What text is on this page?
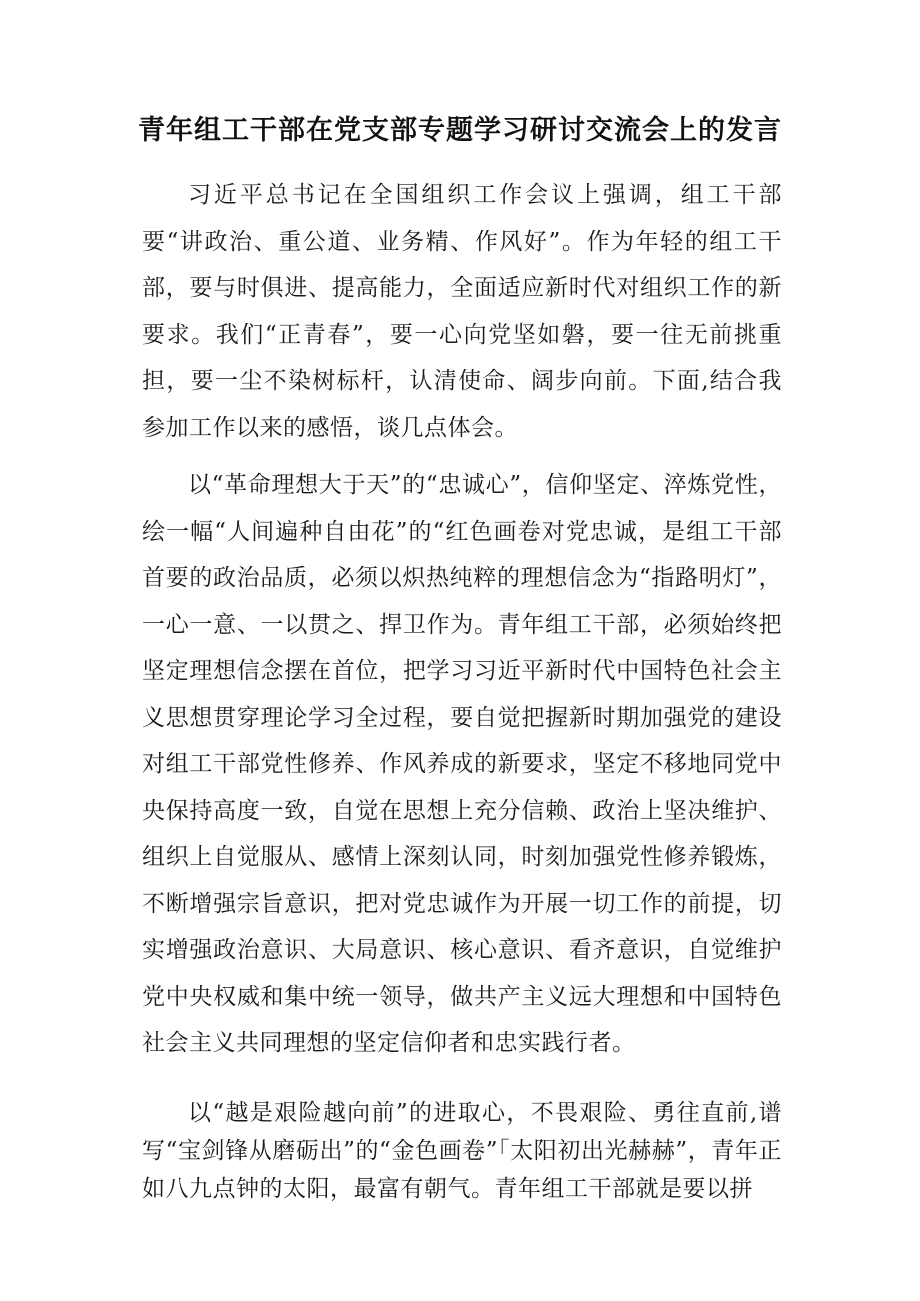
青年组工干部在党支部专题学习研讨交流会上的发言

习近平总书记在全国组织工作会议上强调，组工干部要“讲政治、重公道、业务精、作风好”。作为年轻的组工干部，要与时俱进、提高能力，全面适应新时代对组织工作的新要求。我们“正青春”，要一心向党坚如磐，要一往无前挑重担，要一尘不染树标杆，认清使命、阔步向前。下面,结合我参加工作以来的感悟，谈几点体会。

以“革命理想大于天”的“忠诚心”，信仰坚定、淬炼党性，绘一幅“人间遍种自由花”的“红色画卷对党忠诚，是组工干部首要的政治品质，必须以炽热纯粹的理想信念为“指路明灯”，一心一意、一以贯之、捍卫作为。青年组工干部，必须始终把坚定理想信念摆在首位，把学习习近平新时代中国特色社会主义思想贯穿理论学习全过程，要自觉把握新时期加强党的建设对组工干部党性修养、作风养成的新要求，坚定不移地同党中央保持高度一致，自觉在思想上充分信赖、政治上坚决维护、组织上自觉服从、感情上深刻认同，时刻加强党性修养锻炼，不断增强宗旨意识，把对党忠诚作为开展一切工作的前提，切实增强政治意识、大局意识、核心意识、看齐意识，自觉维护党中央权威和集中统一领导，做共产主义远大理想和中国特色社会主义共同理想的坚定信仰者和忠实践行者。

以“越是艰险越向前”的进取心，不畏艰险、勇往直前,谱写“宝剑锋从磨砺出”的“金色画卷”「太阳初出光赫赫”，青年正如八九点钟的太阳，最富有朝气。青年组工干部就是要以拼
